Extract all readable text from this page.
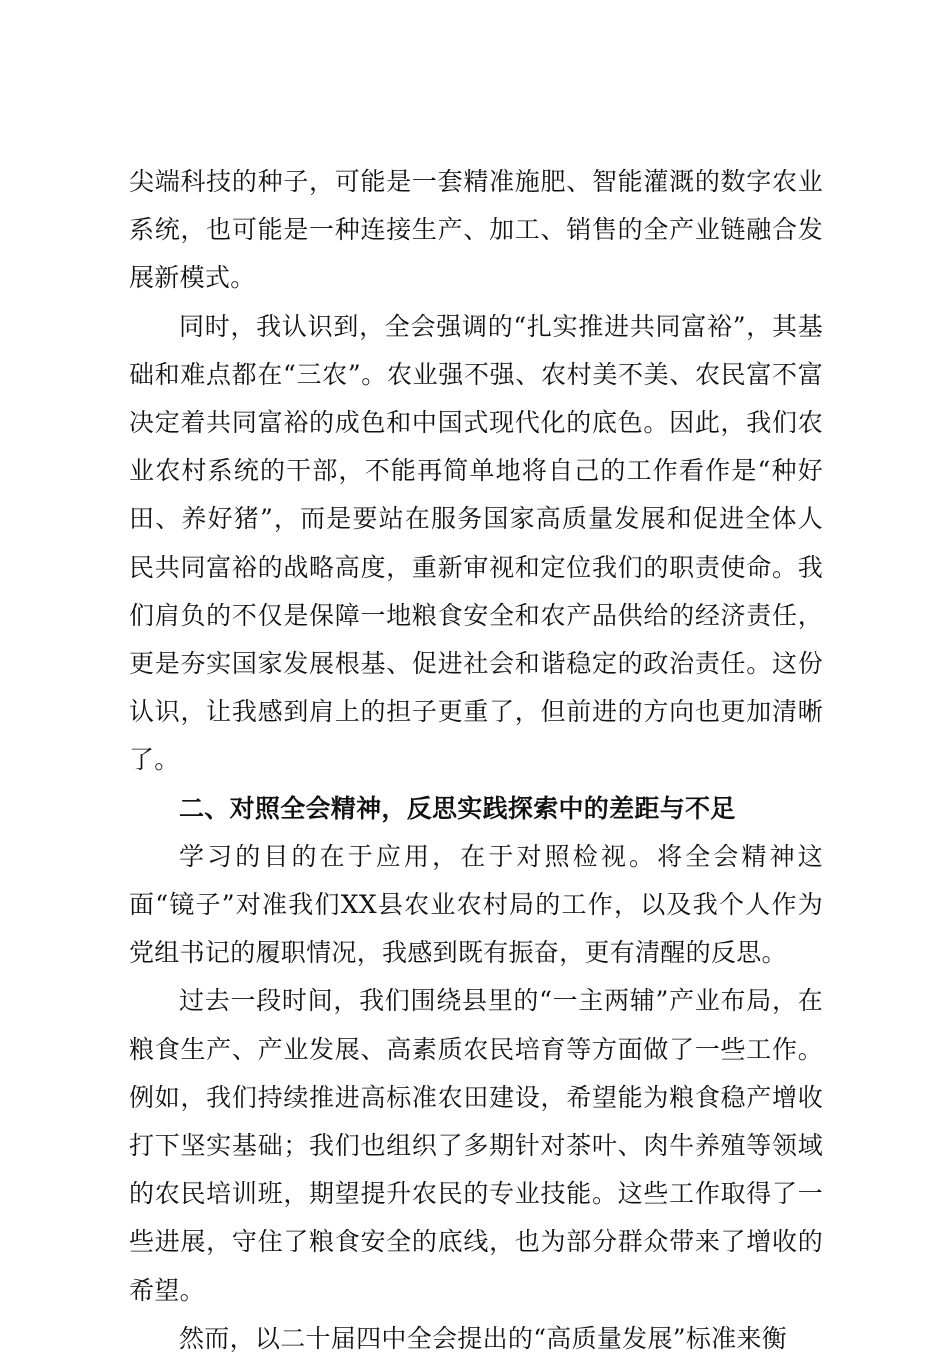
尖端科技的种子，可能是一套精准施肥、智能灌溉的数字农业系统，也可能是一种连接生产、加工、销售的全产业链融合发展新模式。

同时，我认识到，全会强调的“扎实推进共同富裕”，其基础和难点都在“三农”。农业强不强、农村美不美、农民富不富决定着共同富裕的成色和中国式现代化的底色。因此，我们农业农村系统的干部，不能再简单地将自己的工作看作是“种好田、养好猪”，而是要站在服务国家高质量发展和促进全体人民共同富裕的战略高度，重新审视和定位我们的职责使命。我们肩负的不仅是保障一地粮食安全和农产品供给的经济责任，更是夯实国家发展根基、促进社会和谐稳定的政治责任。这份认识，让我感到肩上的担子更重了，但前进的方向也更加清晰了。

二、对照全会精神，反思实践探索中的差距与不足

学习的目的在于应用，在于对照检视。将全会精神这面“镜子”对准我们XX县农业农村局的工作，以及我个人作为党组书记的履职情况，我感到既有振奋，更有清醒的反思。

过去一段时间，我们围绕县里的“一主两辅”产业布局，在粮食生产、产业发展、高素质农民培育等方面做了一些工作。例如，我们持续推进高标准农田建设，希望能为粮食稳产增收打下坚实基础；我们也组织了多期针对茶叶、肉牛养殖等领域的农民培训班，期望提升农民的专业技能。这些工作取得了一些进展，守住了粮食安全的底线，也为部分群众带来了增收的希望。

然而，以二十届四中全会提出的“高质量发展”标准来衡
